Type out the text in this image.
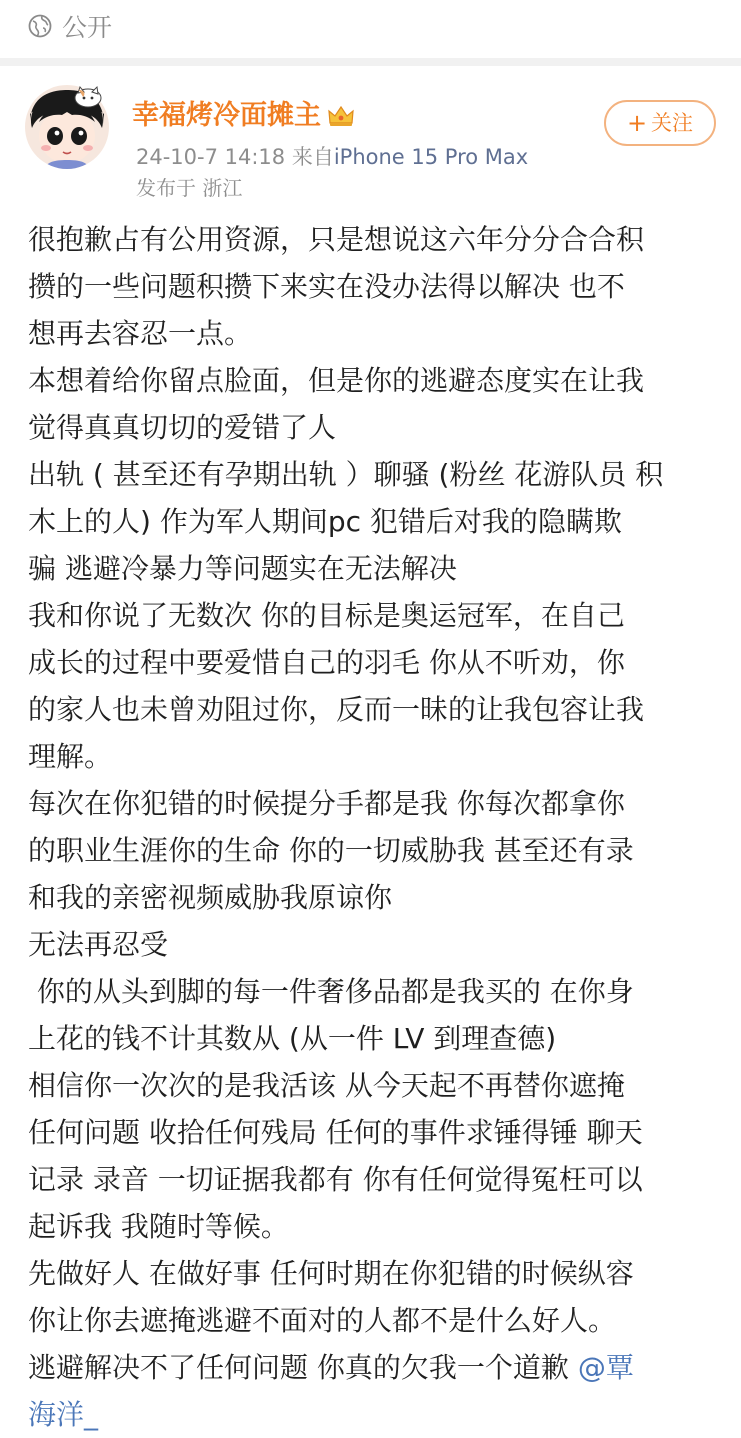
公开
幸福烤冷面摊主
24-10-7 14:18 来自iPhone 15 Pro Max
发布于 浙江
+ 关注
很抱歉占有公用资源，只是想说这六年分分合合积
攒的一些问题积攒下来实在没办法得以解决 也不
想再去容忍一点。
本想着给你留点脸面，但是你的逃避态度实在让我
觉得真真切切的爱错了人
出轨 ( 甚至还有孕期出轨 ）聊骚 (粉丝 花游队员 积
木上的人) 作为军人期间pc 犯错后对我的隐瞒欺
骗 逃避冷暴力等问题实在无法解决
我和你说了无数次 你的目标是奥运冠军，在自己
成长的过程中要爱惜自己的羽毛 你从不听劝，你
的家人也未曾劝阻过你，反而一昧的让我包容让我
理解。
每次在你犯错的时候提分手都是我 你每次都拿你
的职业生涯你的生命 你的一切威胁我 甚至还有录
和我的亲密视频威胁我原谅你
无法再忍受
你的从头到脚的每一件奢侈品都是我买的 在你身
上花的钱不计其数从 (从一件 LV 到理查德)
相信你一次次的是我活该 从今天起不再替你遮掩
任何问题 收拾任何残局 任何的事件求锤得锤 聊天
记录 录音 一切证据我都有 你有任何觉得冤枉可以
起诉我 我随时等候。
先做好人 在做好事 任何时期在你犯错的时候纵容
你让你去遮掩逃避不面对的人都不是什么好人。
逃避解决不了任何问题 你真的欠我一个道歉 @覃
海洋_
